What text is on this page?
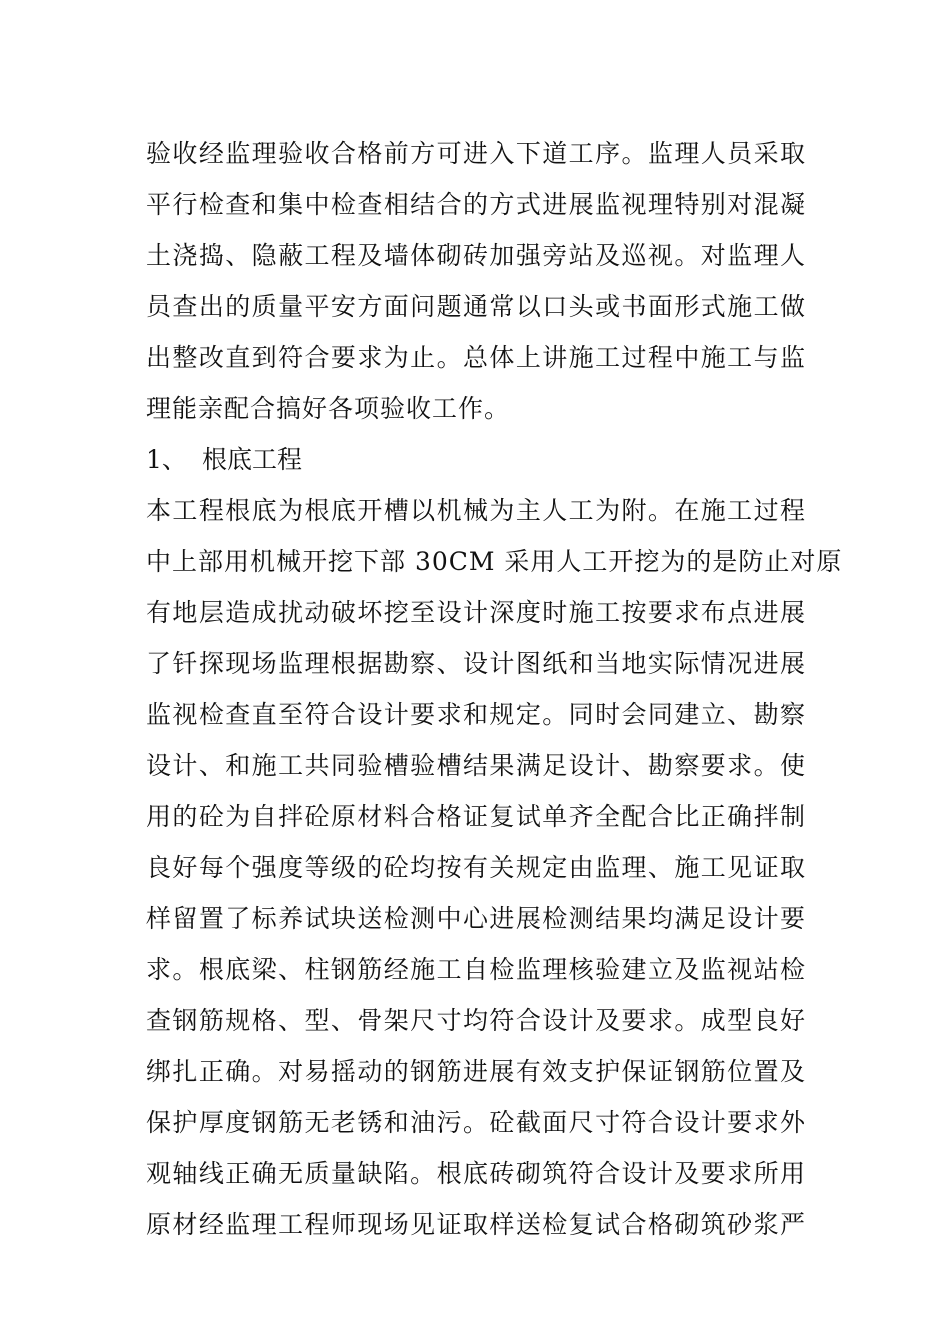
验收经监理验收合格前方可进入下道工序。监理人员采取
平行检查和集中检查相结合的方式进展监视理特别对混凝
土浇捣、隐蔽工程及墙体砌砖加强旁站及巡视。对监理人
员查出的质量平安方面问题通常以口头或书面形式施工做
出整改直到符合要求为止。总体上讲施工过程中施工与监
理能亲配合搞好各项验收工作。
1、 根底工程
本工程根底为根底开槽以机械为主人工为附。在施工过程
中上部用机械开挖下部 30CM 采用人工开挖为的是防止对原
有地层造成扰动破坏挖至设计深度时施工按要求布点进展
了钎探现场监理根据勘察、设计图纸和当地实际情况进展
监视检查直至符合设计要求和规定。同时会同建立、勘察
设计、和施工共同验槽验槽结果满足设计、勘察要求。使
用的砼为自拌砼原材料合格证复试单齐全配合比正确拌制
良好每个强度等级的砼均按有关规定由监理、施工见证取
样留置了标养试块送检测中心进展检测结果均满足设计要
求。根底梁、柱钢筋经施工自检监理核验建立及监视站检
查钢筋规格、型、骨架尺寸均符合设计及要求。成型良好
绑扎正确。对易摇动的钢筋进展有效支护保证钢筋位置及
保护厚度钢筋无老锈和油污。砼截面尺寸符合设计要求外
观轴线正确无质量缺陷。根底砖砌筑符合设计及要求所用
原材经监理工程师现场见证取样送检复试合格砌筑砂浆严
